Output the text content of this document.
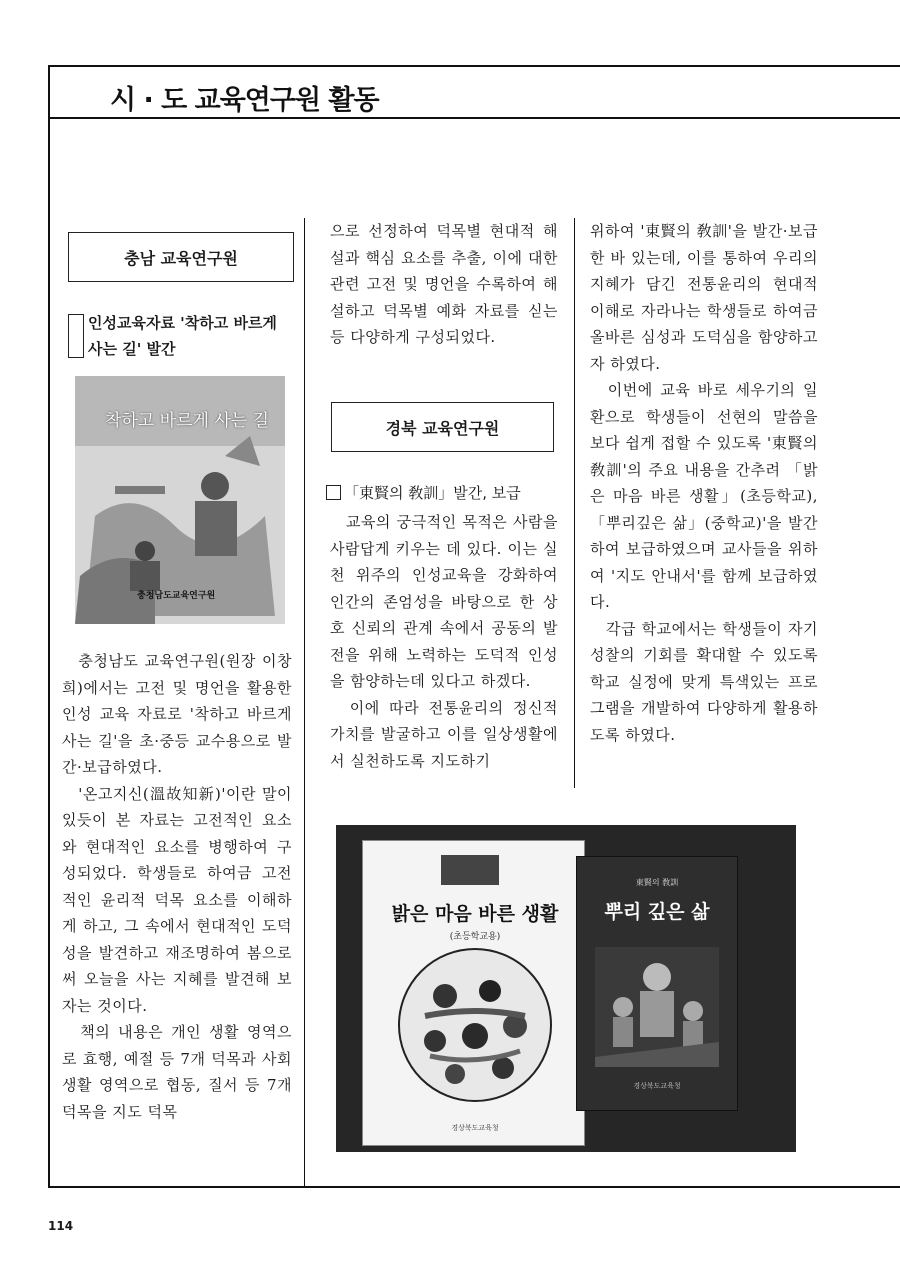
시 · 도 교육연구원 활동
114
충남 교육연구원
인성교육자료 '착하고 바르게
사는 길' 발간
착하고 바르게 사는 길
충청남도교육연구원
　충청남도 교육연구원(원장 이창희)에서는 고전 및 명언을 활용한 인성 교육 자료로 '착하고 바르게 사는 길'을 초·중등 교수용으로 발간·보급하였다.
　'온고지신(溫故知新)'이란 말이 있듯이 본 자료는 고전적인 요소와 현대적인 요소를 병행하여 구성되었다. 학생들로 하여금 고전적인 윤리적 덕목 요소를 이해하게 하고, 그 속에서 현대적인 도덕성을 발견하고 재조명하여 봄으로써 오늘을 사는 지혜를 발견해 보자는 것이다.
　책의 내용은 개인 생활 영역으로 효행, 예절 등 7개 덕목과 사회 생활 영역으로 협동, 질서 등 7개 덕목을 지도 덕목
으로 선정하여 덕목별 현대적 해설과 핵심 요소를 추출, 이에 대한 관련 고전 및 명언을 수록하여 해설하고 덕목별 예화 자료를 싣는 등 다양하게 구성되었다.
경북 교육연구원
「東賢의 敎訓」발간, 보급
　교육의 궁극적인 목적은 사람을 사람답게 키우는 데 있다. 이는 실천 위주의 인성교육을 강화하여 인간의 존엄성을 바탕으로 한 상호 신뢰의 관계 속에서 공동의 발전을 위해 노력하는 도덕적 인성을 함양하는데 있다고 하겠다.
　이에 따라 전통윤리의 정신적 가치를 발굴하고 이를 일상생활에서 실천하도록 지도하기
위하여 '東賢의 敎訓'을 발간·보급한 바 있는데, 이를 통하여 우리의 지혜가 담긴 전통윤리의 현대적 이해로 자라나는 학생들로 하여금 올바른 심성과 도덕심을 함양하고자 하였다.
　이번에 교육 바로 세우기의 일환으로 학생들이 선현의 말씀을 보다 쉽게 접할 수 있도록 '東賢의 敎訓'의 주요 내용을 간추려 「밝은 마음 바른 생활」(초등학교), 「뿌리깊은 삶」(중학교)'을 발간하여 보급하였으며 교사들을 위하여 '지도 안내서'를 함께 보급하였다.
　각급 학교에서는 학생들이 자기 성찰의 기회를 확대할 수 있도록 학교 실정에 맞게 특색있는 프로그램을 개발하여 다양하게 활용하도록 하였다.
밝은 마음 바른 생활
(초등학교용)
경상북도교육청
東賢의 敎訓
뿌리 깊은 삶
경상북도교육청
